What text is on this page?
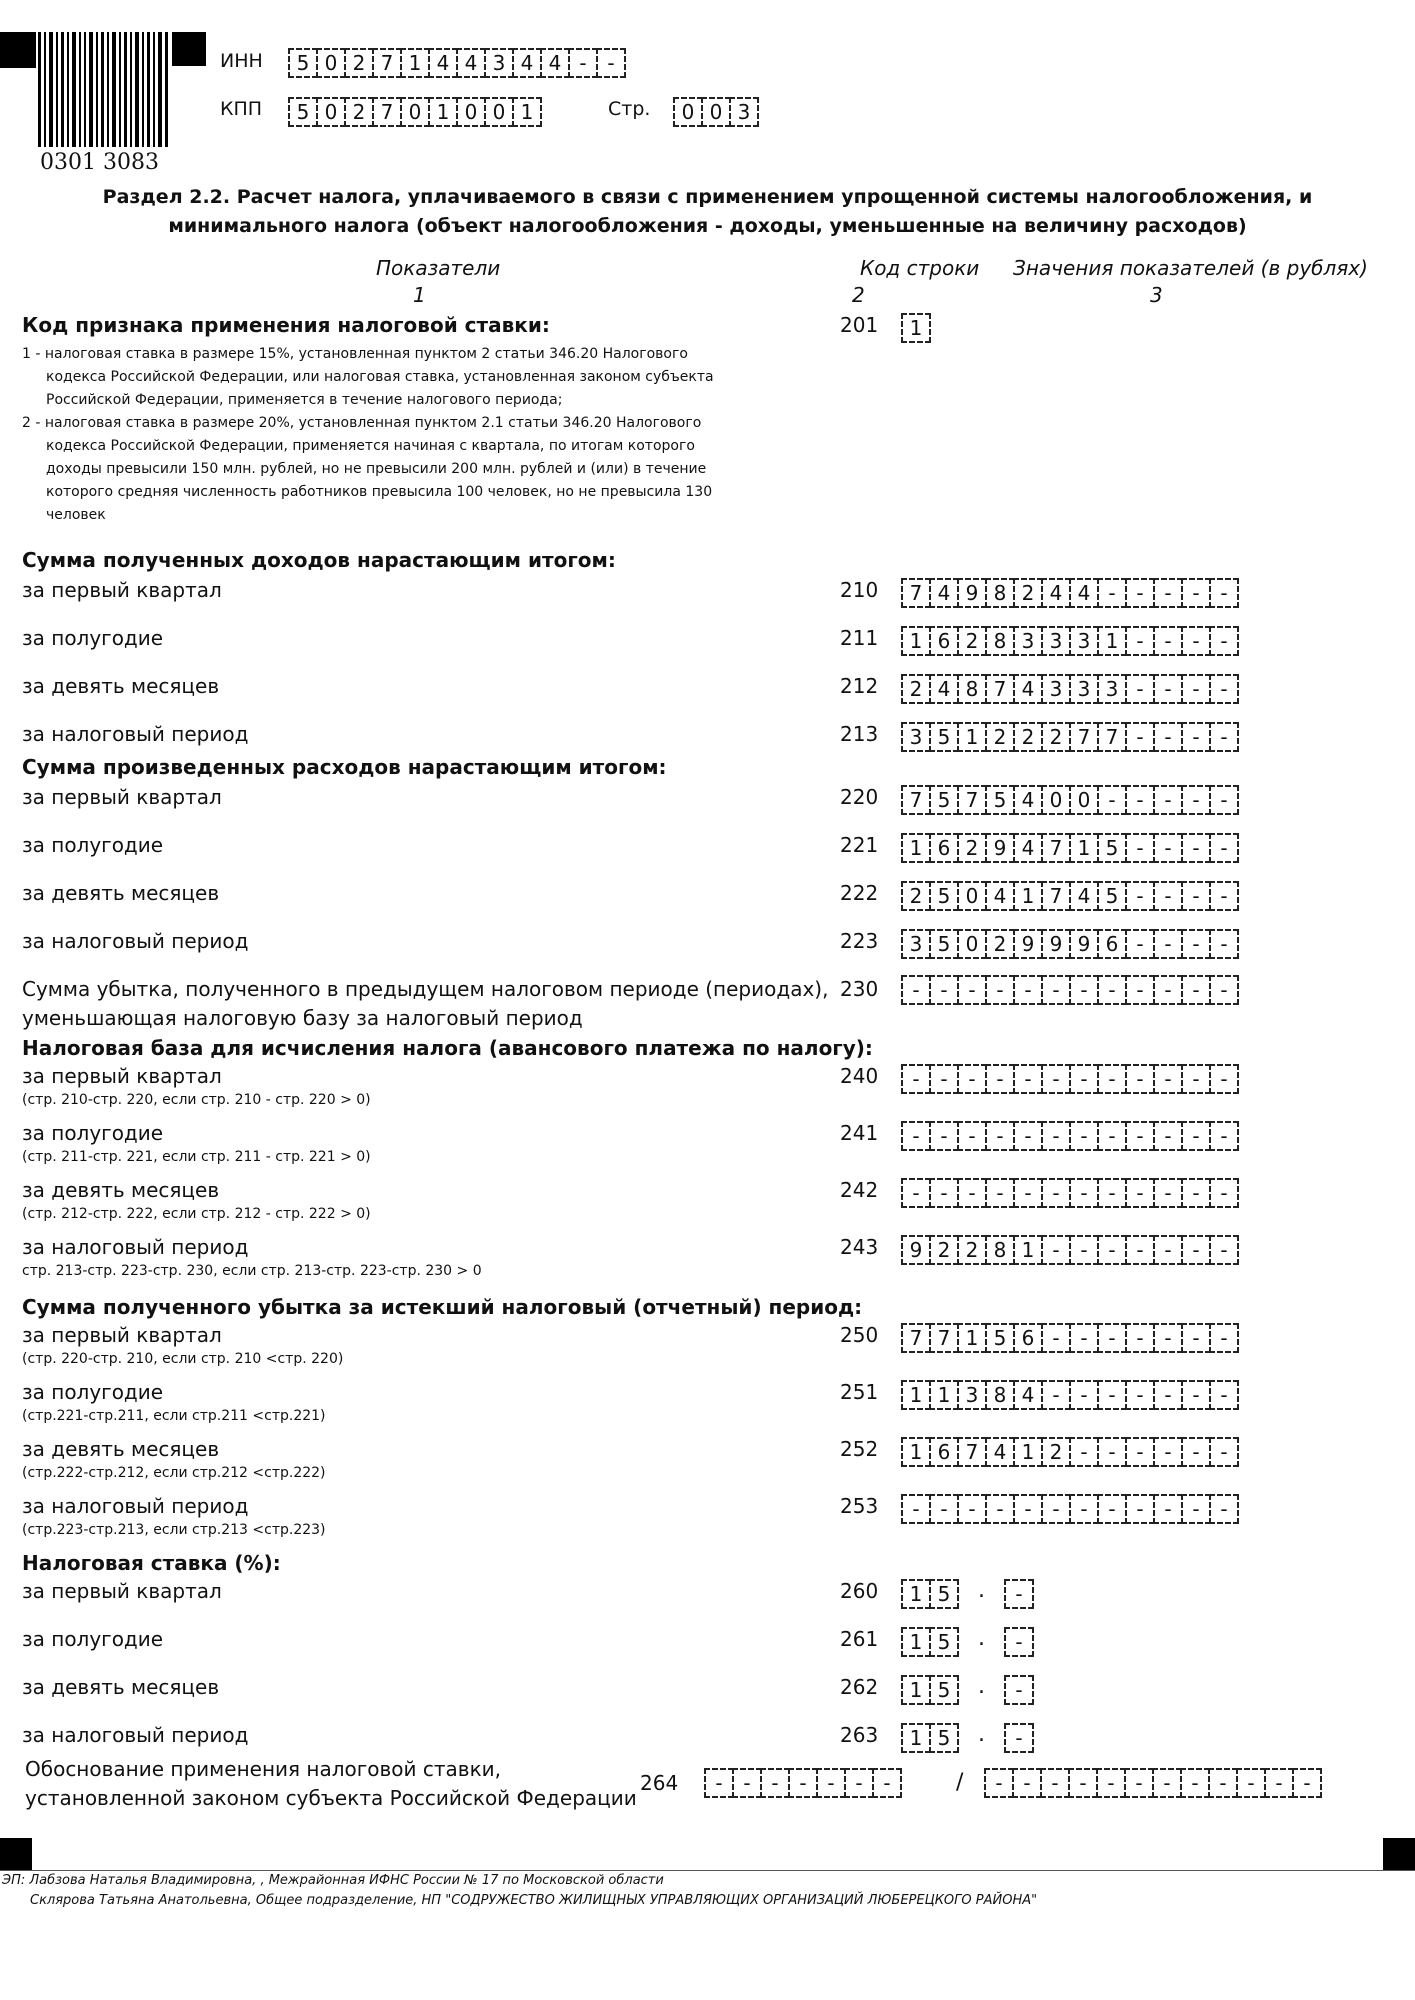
0301 3083
ИНН	5 0 2 7 1 4 4 3 4 4 -	-
КПП	5 0 2 7 0 1 0 0 1	Стр.	0 0 3
Раздел 2.2. Расчет налога, уплачиваемого в связи с применением упрощенной системы налогообложения, и
минимального налога (объект налогообложения - доходы, уменьшенные на величину расходов)
Показатели	Код строки Значения показателей (в рублях)
1	2	3
Код признака применения налоговой ставки:	201	1
1 - налоговая ставка в размере 15%, установленная пунктом 2 статьи 346.20 Налогового
кодекса Российской Федерации, или налоговая ставка, установленная законом субъекта
Российской Федерации, применяется в течение налогового периода;
2 - налоговая ставка в размере 20%, установленная пунктом 2.1 статьи 346.20 Налогового
кодекса Российской Федерации, применяется начиная с квартала, по итогам которого
доходы превысили 150 млн. рублей, но не превысили 200 млн. рублей и (или) в течение
которого средняя численность работников превысила 100 человек, но не превысила 130
человек
Сумма полученных доходов нарастающим итогом:
за первый квартал	210	7 4 9 8 2 4 4 -	-	-	-	-
за полугодие	211	1 6 2 8 3 3 3 1 -	-	-	-
за девять месяцев	212	2 4 8 7 4 3 3 3 -	-	-	-
за налоговый период	213	3 5 1 2 2 2 7 7 -	-	-	-
Сумма произведенных расходов нарастающим итогом:
за первый квартал	220	7 5 7 5 4 0 0 -	-	-	-	-
за полугодие	221	1 6 2 9 4 7 1 5 -	-	-	-
за девять месяцев	222	2 5 0 4 1 7 4 5 -	-	-	-
за налоговый период	223	3 5 0 2 9 9 9 6 -	-	-	-
Сумма убытка, полученного в предыдущем налоговом периоде (периодах),
уменьшающая налоговую базу за налоговый период
230	-	-	-	-	-	-	-	-	-	-	-	-
Налоговая база для исчисления налога (авансового платежа по налогу):
за первый квартал
(стр. 210-стр. 220, если стр. 210 - стр. 220 > 0)
240	-	-	-	-	-	-	-	-	-	-	-	-
за полугодие
(стр. 211-стр. 221, если стр. 211 - стр. 221 > 0)
241	-	-	-	-	-	-	-	-	-	-	-	-
за девять месяцев
(стр. 212-стр. 222, если стр. 212 - стр. 222 > 0)
242	-	-	-	-	-	-	-	-	-	-	-	-
за налоговый период
стр. 213-стр. 223-стр. 230, если стр. 213-стр. 223-стр. 230 > 0
243	9 2 2 8 1 -	-	-	-	-	-	-
Сумма полученного убытка за истекший налоговый (отчетный) период:
за первый квартал
(стр. 220-стр. 210, если стр. 210 <стр. 220)
250	7 7 1 5 6 -	-	-	-	-	-	-
за полугодие
(стр.221-стр.211, если стр.211 <стр.221)
251	1 1 3 8 4 -	-	-	-	-	-	-
за девять месяцев
(стр.222-стр.212, если стр.212 <стр.222)
252	1 6 7 4 1 2 -	-	-	-	-	-
за налоговый период
(стр.223-стр.213, если стр.213 <стр.223)
253	-	-	-	-	-	-	-	-	-	-	-	-
Налоговая ставка (%):
за первый квартал	260	1 5	.	-
за полугодие	261	1 5	.	-
за девять месяцев	262	1 5	.	-
за налоговый период	263	1 5	.	-
Обоснование применения налоговой ставки,
установленной законом субъекта Российской Федерации
264	-	-	-	-	-	-	-	/	-	-	-	-	-	-	-	-	-	-	-	-
ЭП: Лабзова Наталья Владимировна, , Межрайонная ИФНС России № 17 по Московской области
Склярова Татьяна Анатольевна, Общее подразделение, НП "СОДРУЖЕСТВО ЖИЛИЩНЫХ УПРАВЛЯЮЩИХ ОРГАНИЗАЦИЙ ЛЮБЕРЕЦКОГО РАЙОНА"
